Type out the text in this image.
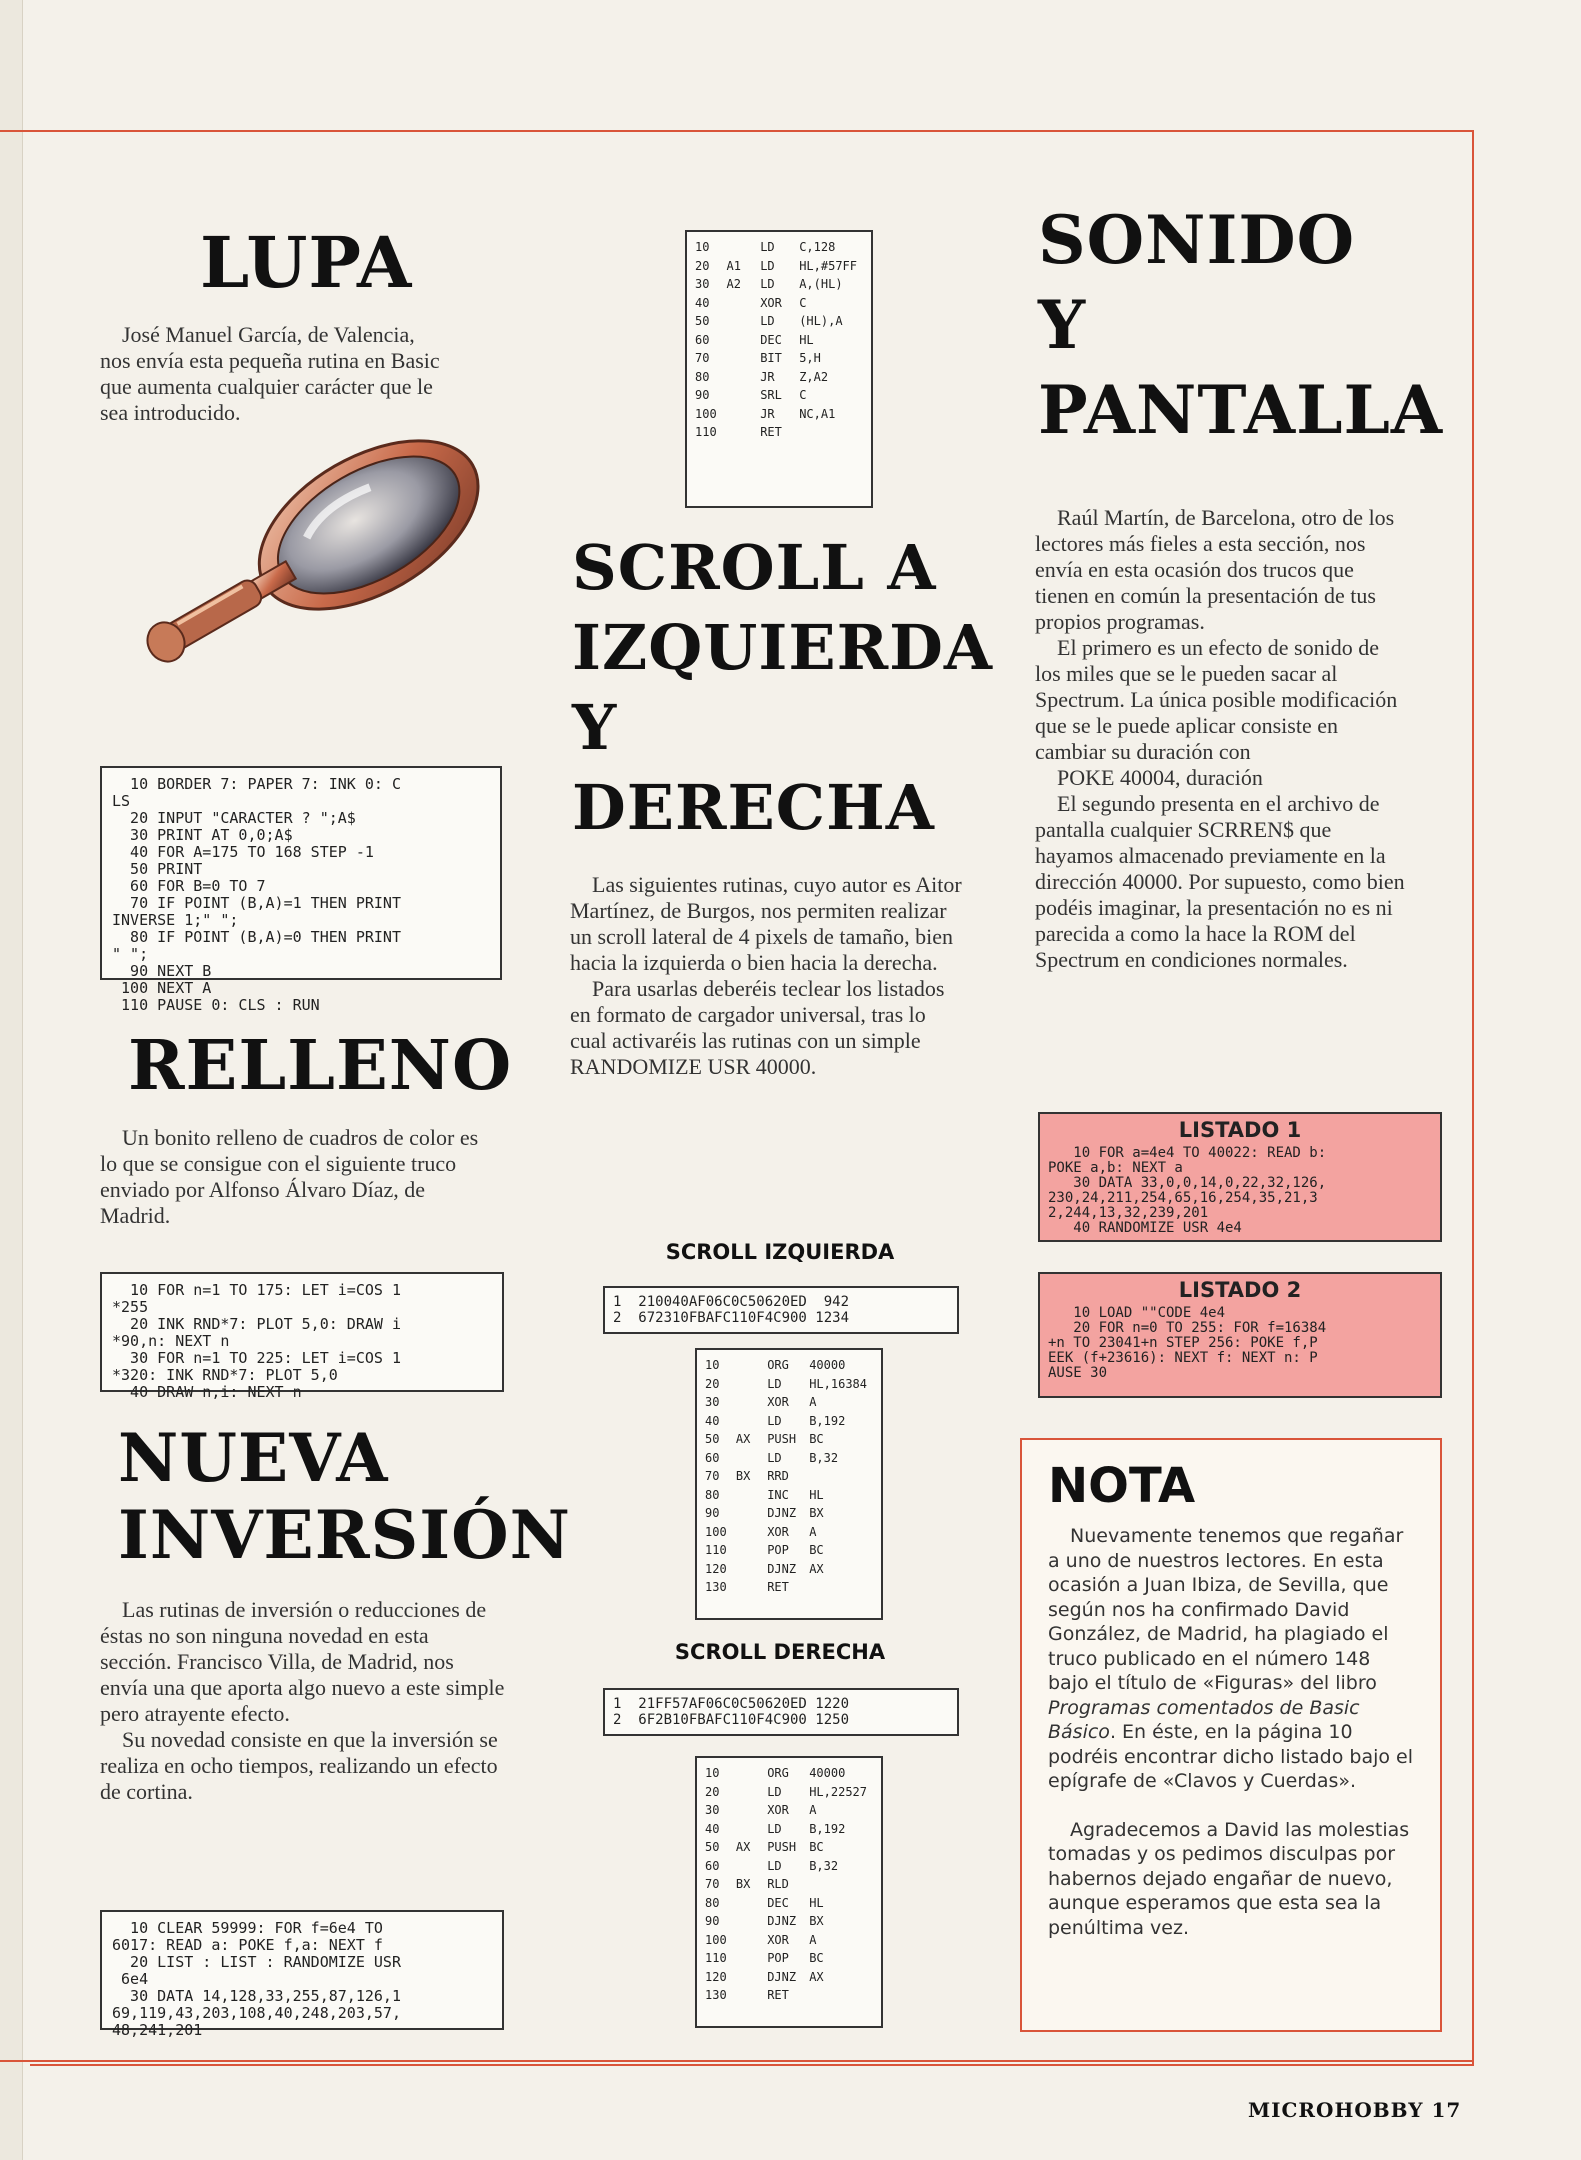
LUPA

José Manuel García, de Valencia, nos envía esta pequeña rutina en Basic que aumenta cualquier carácter que le sea introducido.

10 BORDER 7: PAPER 7: INK 0: C
LS
20 INPUT "CARACTER ? ";A$
30 PRINT AT 0,0;A$
40 FOR A=175 TO 168 STEP -1
50 PRINT
60 FOR B=0 TO 7
70 IF POINT (B,A)=1 THEN PRINT
INVERSE 1;" ";
80 IF POINT (B,A)=0 THEN PRINT
" ";
90 NEXT B
100 NEXT A
110 PAUSE 0: CLS : RUN
RELLENO

Un bonito relleno de cuadros de color es lo que se consigue con el siguiente truco enviado por Alfonso Álvaro Díaz, de Madrid.

10 FOR n=1 TO 175: LET i=COS 1
*255
20 INK RND*7: PLOT 5,0: DRAW i
*90,n: NEXT n
30 FOR n=1 TO 225: LET i=COS 1
*320: INK RND*7: PLOT 5,0
40 DRAW n,i: NEXT n
NUEVA
INVERSIÓN

Las rutinas de inversión o reducciones de éstas no son ninguna novedad en esta sección. Francisco Villa, de Madrid, nos envía una que aporta algo nuevo a este simple pero atrayente efecto.

Su novedad consiste en que la inversión se realiza en ocho tiempos, realizando un efecto de cortina.

10 CLEAR 59999: FOR f=6e4 TO
6017: READ a: POKE f,a: NEXT f
20 LIST : LIST : RANDOMIZE USR
6e4
30 DATA 14,128,33,255,87,126,1
69,119,43,203,108,40,248,203,57,
48,241,201
10		LD	C,128
20	A1	LD	HL,#57FF
30	A2	LD	A,(HL)
40		XOR	C
50		LD	(HL),A
60		DEC	HL
70		BIT	5,H
80		JR	Z,A2
90		SRL	C
100		JR	NC,A1
110		RET	
SCROLL A
IZQUIERDA
Y
DERECHA

Las siguientes rutinas, cuyo autor es Aitor Martínez, de Burgos, nos permiten realizar un scroll lateral de 4 pixels de tamaño, bien hacia la izquierda o bien hacia la derecha.

Para usarlas deberéis teclear los listados en formato de cargador universal, tras lo cual activaréis las rutinas con un simple RANDOMIZE USR 40000.

SCROLL IZQUIERDA
1  210040AF06C0C50620ED  942
2  672310FBAFC110F4C900 1234
10		ORG	40000
20		LD	HL,16384
30		XOR	A
40		LD	B,192
50	AX	PUSH	BC
60		LD	B,32
70	BX	RRD	
80		INC	HL
90		DJNZ	BX
100		XOR	A
110		POP	BC
120		DJNZ	AX
130		RET	
SCROLL DERECHA
1  21FF57AF06C0C50620ED 1220
2  6F2B10FBAFC110F4C900 1250
10		ORG	40000
20		LD	HL,22527
30		XOR	A
40		LD	B,192
50	AX	PUSH	BC
60		LD	B,32
70	BX	RLD	
80		DEC	HL
90		DJNZ	BX
100		XOR	A
110		POP	BC
120		DJNZ	AX
130		RET	
SONIDO
Y
PANTALLA

Raúl Martín, de Barcelona, otro de los lectores más fieles a esta sección, nos envía en esta ocasión dos trucos que tienen en común la presentación de tus propios programas.

El primero es un efecto de sonido de los miles que se le pueden sacar al Spectrum. La única posible modificación que se le puede aplicar consiste en cambiar su duración con

POKE 40004, duración

El segundo presenta en el archivo de pantalla cualquier SCRREN$ que hayamos almacenado previamente en la dirección 40000. Por supuesto, como bien podéis imaginar, la presentación no es ni parecida a como la hace la ROM del Spectrum en condiciones normales.

LISTADO 1
10 FOR a=4e4 TO 40022: READ b:
POKE a,b: NEXT a
30 DATA 33,0,0,14,0,22,32,126,
230,24,211,254,65,16,254,35,21,3
2,244,13,32,239,201
40 RANDOMIZE USR 4e4
LISTADO 2
10 LOAD ""CODE 4e4
20 FOR n=0 TO 255: FOR f=16384
+n TO 23041+n STEP 256: POKE f,P
EEK (f+23616): NEXT f: NEXT n: P
AUSE 30
NOTA

Nuevamente tenemos que regañar a uno de nuestros lectores. En esta ocasión a Juan Ibiza, de Sevilla, que según nos ha confirmado David González, de Madrid, ha plagiado el truco publicado en el número 148 bajo el título de «Figuras» del libro Programas comentados de Basic Básico. En éste, en la página 10 podréis encontrar dicho listado bajo el epígrafe de «Clavos y Cuerdas».

Agradecemos a David las molestias tomadas y os pedimos disculpas por habernos dejado engañar de nuevo, aunque esperamos que esta sea la penúltima vez.

MICROHOBBY 17
